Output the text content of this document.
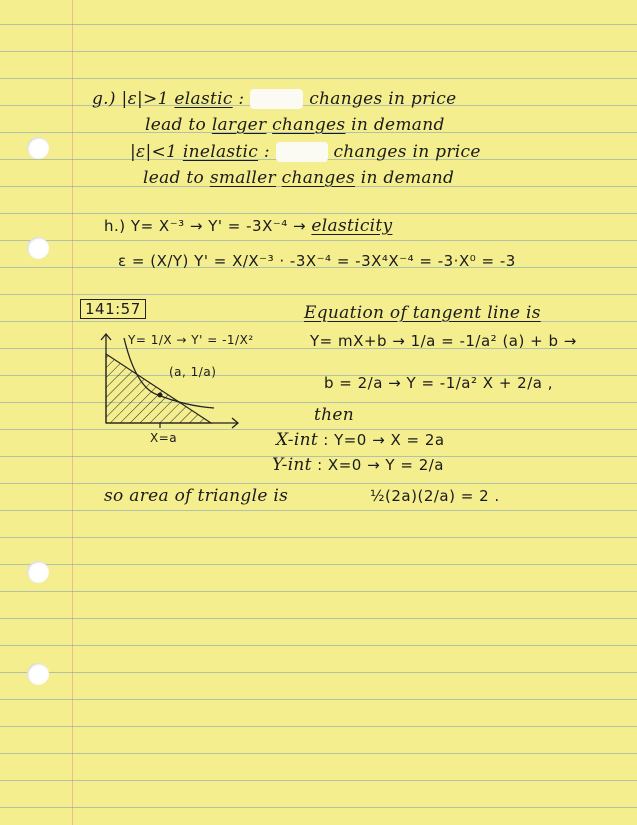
g.) |ε|>1 elastic :	changes in price
lead to larger changes in demand
|ε|<1 inelastic :	changes in price
lead to smaller changes in demand
h.) Y= X⁻³ → Y' = -3X⁻⁴ → elasticity
ε = (X/Y) Y' = X/X⁻³ · -3X⁻⁴ = -3X⁴X⁻⁴ = -3·X⁰ = -3
141:57
Y= 1/X → Y' = -1/X²
(a, 1/a)
X=a
Equation of tangent line is
Y= mX+b → 1/a = -1/a² (a) + b →
b = 2/a → Y = -1/a² X + 2/a ,
then
X-int : Y=0 → X = 2a
Y-int : X=0 → Y = 2/a
so area of triangle is	½(2a)(2/a) = 2 .
